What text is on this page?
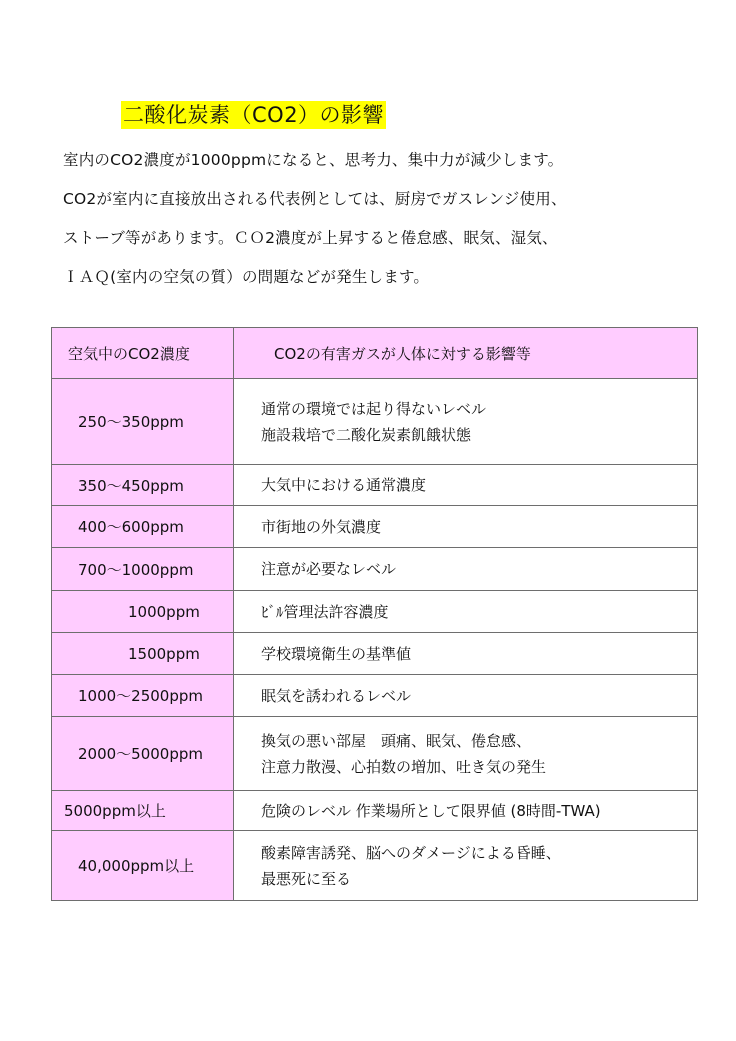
二酸化炭素（CO2）の影響

室内のCO2濃度が1000ppmになると、思考力、集中力が減少します。

CO2が室内に直接放出される代表例としては、厨房でガスレンジ使用、

ストーブ等があります。ＣＯ2濃度が上昇すると倦怠感、眠気、湿気、

ＩＡＱ(室内の空気の質）の問題などが発生します。

空気中のCO2濃度	CO2の有害ガスが人体に対する影響等
250～350ppm	通常の環境では起り得ないレベル
施設栽培で二酸化炭素飢餓状態

350～450ppm	大気中における通常濃度

400～600ppm	市街地の外気濃度

700～1000ppm	注意が必要なレベル

1000ppm	ﾋﾞﾙ管理法許容濃度

1500ppm	学校環境衛生の基準値

1000～2500ppm	眠気を誘われるレベル

2000～5000ppm	換気の悪い部屋　頭痛、眠気、倦怠感、
注意力散漫、心拍数の増加、吐き気の発生

5000ppm以上	危険のレベル 作業場所として限界値 (8時間-TWA)

40,000ppm以上	酸素障害誘発、脳へのダメージによる昏睡、
最悪死に至る
